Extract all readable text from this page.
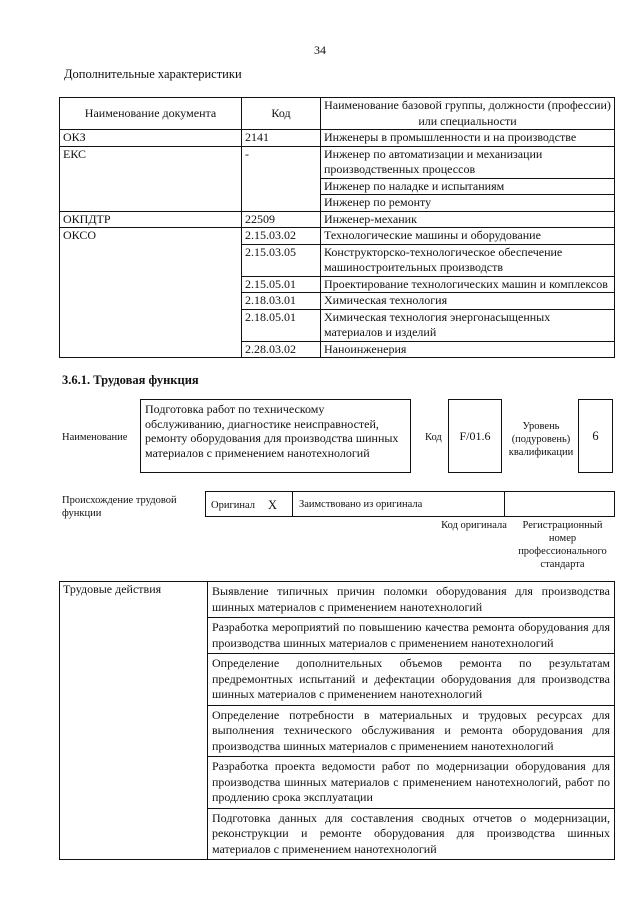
34
Дополнительные характеристики
Наименование документа	Код	Наименование базовой группы, должности (профессии) или специальности
ОКЗ	2141	Инженеры в промышленности и на производстве
ЕКС	-	Инженер по автоматизации и механизации производственных процессов
		Инженер по наладке и испытаниям
		Инженер по ремонту
ОКПДТР	22509	Инженер-механик
ОКСО	2.15.03.02	Технологические машины и оборудование
	2.15.03.05	Конструкторско-технологическое обеспечение машиностроительных производств
	2.15.05.01	Проектирование технологических машин и комплексов
	2.18.03.01	Химическая технология
	2.18.05.01	Химическая технология энергонасыщенных материалов и изделий
	2.28.03.02	Наноинженерия
3.6.1. Трудовая функция
Наименование
Подготовка работ по техническому обслуживанию, диагностике неисправностей, ремонту оборудования для производства шинных материалов с применением нанотехнологий
Код	F/01.6
Уровень (подуровень) квалификации
6
Происхождение трудовой функции
Оригинал X Заимствовано из оригинала
Код оригинала	Регистрационный номер профессионального стандарта
Трудовые действия	Выявление типичных причин поломки оборудования для производства шинных материалов с применением нанотехнологий
Разработка мероприятий по повышению качества ремонта оборудования для производства шинных материалов с применением нанотехнологий
Определение дополнительных объемов ремонта по результатам предремонтных испытаний и дефектации оборудования для производства шинных материалов с применением нанотехнологий
Определение потребности в материальных и трудовых ресурсах для выполнения технического обслуживания и ремонта оборудования для производства шинных материалов с применением нанотехнологий
Разработка проекта ведомости работ по модернизации оборудования для производства шинных материалов с применением нанотехнологий, работ по продлению срока эксплуатации
Подготовка данных для составления сводных отчетов о модернизации, реконструкции и ремонте оборудования для производства шинных материалов с применением нанотехнологий
